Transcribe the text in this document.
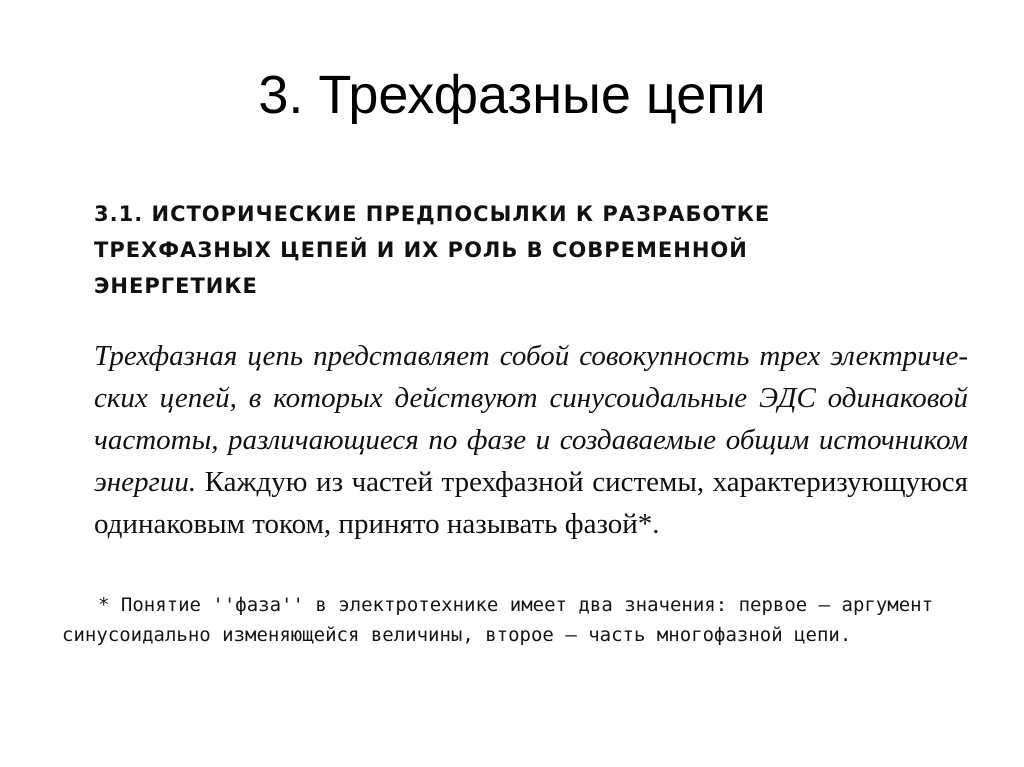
3. Трехфазные цепи
3.1. ИСТОРИЧЕСКИЕ ПРЕДПОСЫЛКИ К РАЗРАБОТКЕ
ТРЕХФАЗНЫХ ЦЕПЕЙ И ИХ РОЛЬ В СОВРЕМЕННОЙ
ЭНЕРГЕТИКЕ
Трехфазная цепь представляет собой совокупность трех электриче-
ских цепей, в которых действуют синусоидальные ЭДС одинаковой
частоты, различающиеся по фазе и создаваемые общим источником
энергии. Каждую из частей трехфазной системы, характеризующуюся
одинаковым током, принято называть фазой*.
* Понятие ''фаза'' в электротехнике имеет два значения: первое – аргумент
синусоидально изменяющейся величины, второе – часть многофазной цепи.
